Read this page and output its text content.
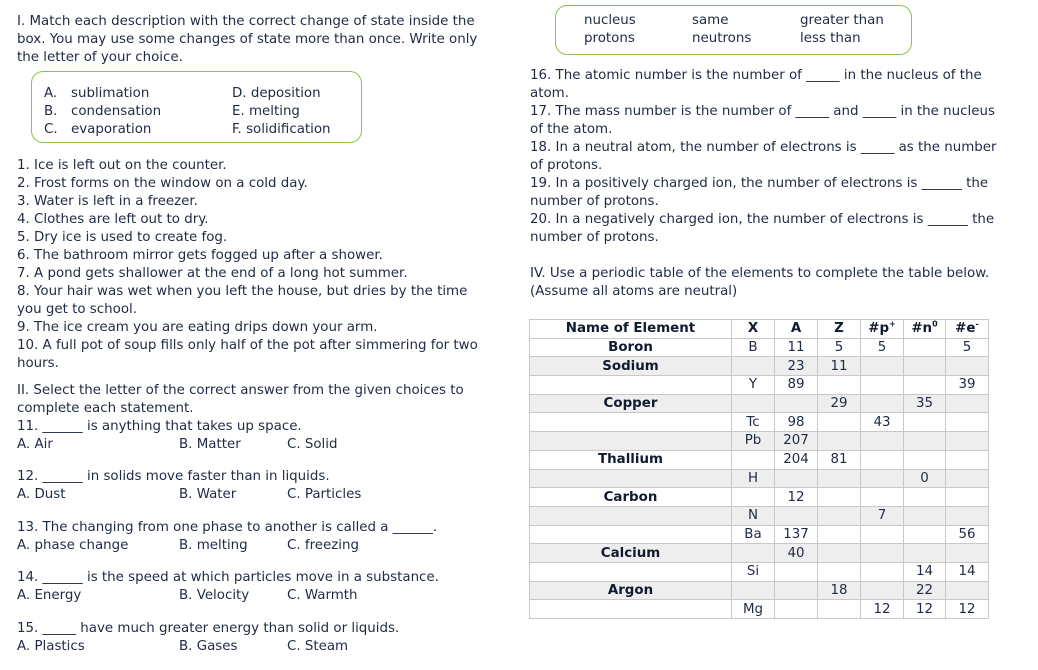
I. Match each description with the correct change of state inside the
box. You may use some changes of state more than once. Write only
the letter of your choice.
A. sublimation
B. condensation
C. evaporation
D. deposition
E. melting
F. solidification
1. Ice is left out on the counter.
2. Frost forms on the window on a cold day.
3. Water is left in a freezer.
4. Clothes are left out to dry.
5. Dry ice is used to create fog.
6. The bathroom mirror gets fogged up after a shower.
7. A pond gets shallower at the end of a long hot summer.
8. Your hair was wet when you left the house, but dries by the time
you get to school.
9. The ice cream you are eating drips down your arm.
10. A full pot of soup fills only half of the pot after simmering for two
hours.
II. Select the letter of the correct answer from the given choices to
complete each statement.
11. ______ is anything that takes up space.
A. Air	B. Matter	C. Solid
12. ______ in solids move faster than in liquids.
A. Dust	B. Water	C. Particles
13. The changing from one phase to another is called a ______.
A. phase change	B. melting	C. freezing
14. ______ is the speed at which particles move in a substance.
A. Energy	B. Velocity	C. Warmth
15. _____ have much greater energy than solid or liquids.
A. Plastics	B. Gases	C. Steam
nucleus	same	greater than
protons	neutrons	less than
16. The atomic number is the number of _____ in the nucleus of the
atom.
17. The mass number is the number of _____ and _____ in the nucleus
of the atom.
18. In a neutral atom, the number of electrons is _____ as the number
of protons.
19. In a positively charged ion, the number of electrons is ______ the
number of protons.
20. In a negatively charged ion, the number of electrons is ______ the
number of protons.
IV. Use a periodic table of the elements to complete the table below.
(Assume all atoms are neutral)
Name of Element	X	A	Z	#p+	$\#n^0$	#e-
Boron	B	11	5	5		5
Sodium		23	11			
	Y	89				39
Copper			29		35	
	Tc	98		43		
	Pb	207				
Thallium		204	81			
	H				0	
Carbon		12				
	N			7		
	Ba	137				56
Calcium		40				
	Si				14	14
Argon			18		22	
	Mg			12	12	12
